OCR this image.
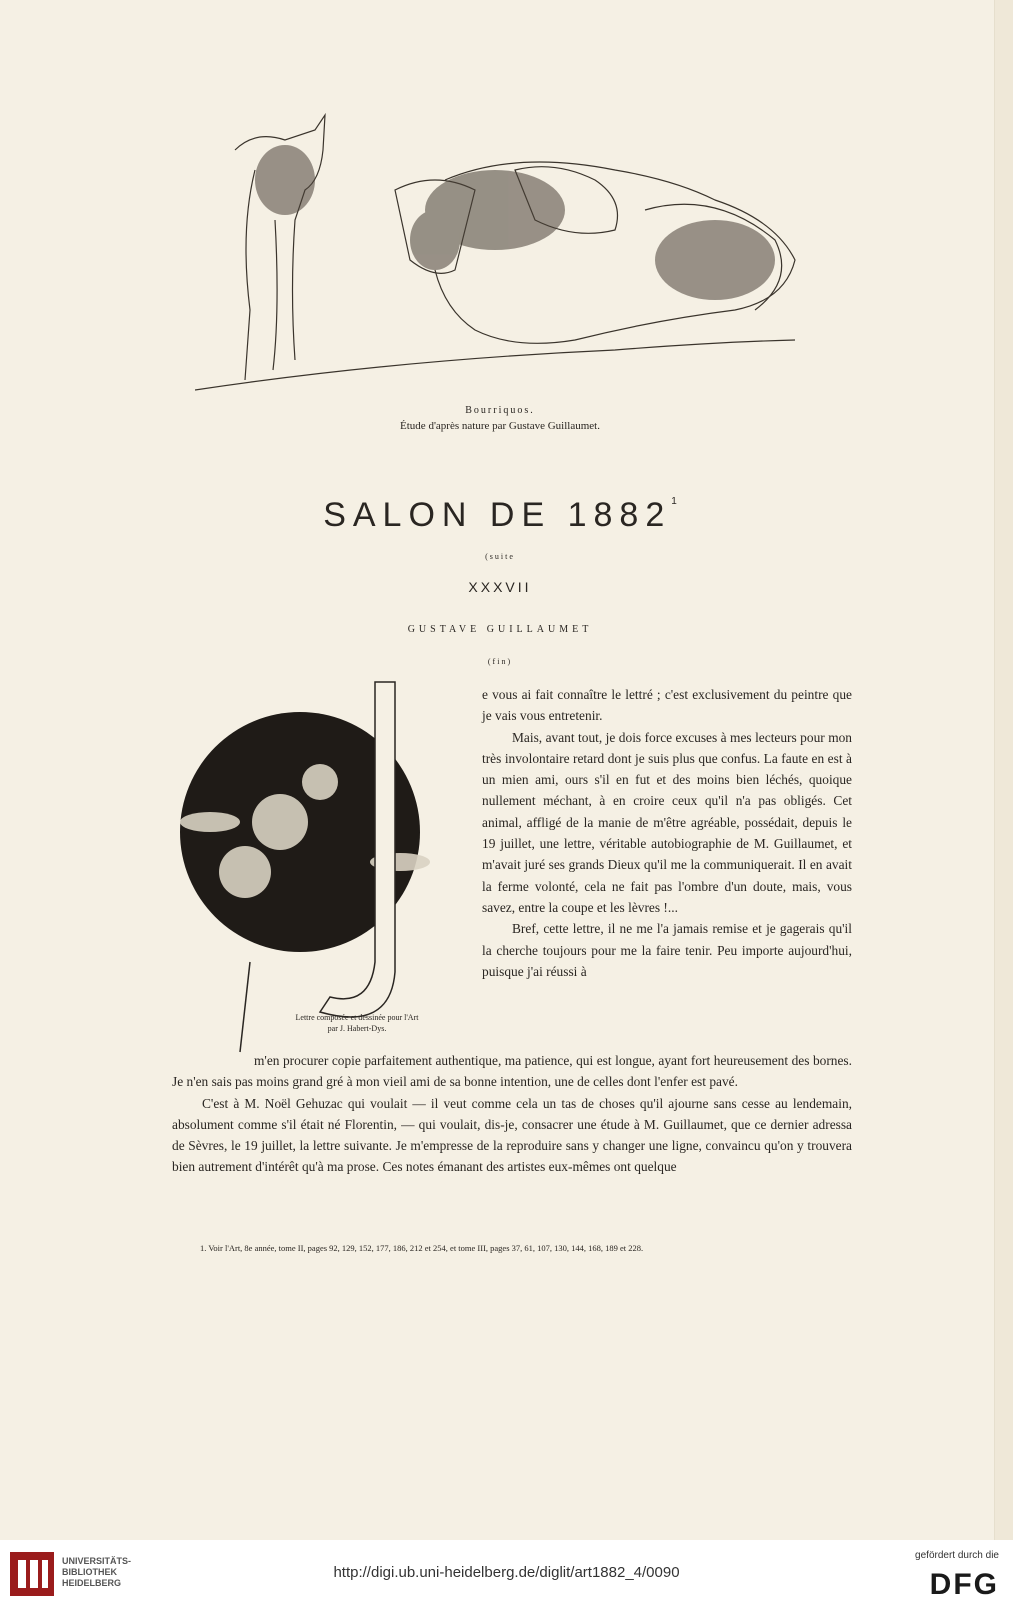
Bourriquos.
Étude d'après nature par Gustave Guillaumet.
SALON DE 1882$^1$
(suite
XXXVII
GUSTAVE GUILLAUMET
(fin)
Lettre composée et dessinée pour l'Art
par J. Habert-Dys.

e vous ai fait connaître le lettré ; c'est exclusivement du peintre que je vais vous entretenir.

Mais, avant tout, je dois force excuses à mes lecteurs pour mon très involontaire retard dont je suis plus que confus. La faute en est à un mien ami, ours s'il en fut et des moins bien léchés, quoique nullement méchant, à en croire ceux qu'il n'a pas obligés. Cet animal, affligé de la manie de m'être agréable, possédait, depuis le 19 juillet, une lettre, véritable autobiographie de M. Guillaumet, et m'avait juré ses grands Dieux qu'il me la communiquerait. Il en avait la ferme volonté, cela ne fait pas l'ombre d'un doute, mais, vous savez, entre la coupe et les lèvres !...

Bref, cette lettre, il ne me l'a jamais remise et je gagerais qu'il la cherche toujours pour me la faire tenir. Peu importe aujourd'hui, puisque j'ai réussi à

m'en procurer copie parfaitement authentique, ma patience, qui est longue, ayant fort heureusement des bornes. Je n'en sais pas moins grand gré à mon vieil ami de sa bonne intention, une de celles dont l'enfer est pavé.

C'est à M. Noël Gehuzac qui voulait — il veut comme cela un tas de choses qu'il ajourne sans cesse au lendemain, absolument comme s'il était né Florentin, — qui voulait, dis-je, consacrer une étude à M. Guillaumet, que ce dernier adressa de Sèvres, le 19 juillet, la lettre suivante. Je m'empresse de la reproduire sans y changer une ligne, convaincu qu'on y trouvera bien autrement d'intérêt qu'à ma prose. Ces notes émanant des artistes eux-mêmes ont quelque

1. Voir l'Art, 8e année, tome II, pages 92, 129, 152, 177, 186, 212 et 254, et tome III, pages 37, 61, 107, 130, 144, 168, 189 et 228.
UNIVERSITÄTS-
BIBLIOTHEK
HEIDELBERG
http://digi.ub.uni-heidelberg.de/diglit/art1882_4/0090
gefördert durch die
DFG
